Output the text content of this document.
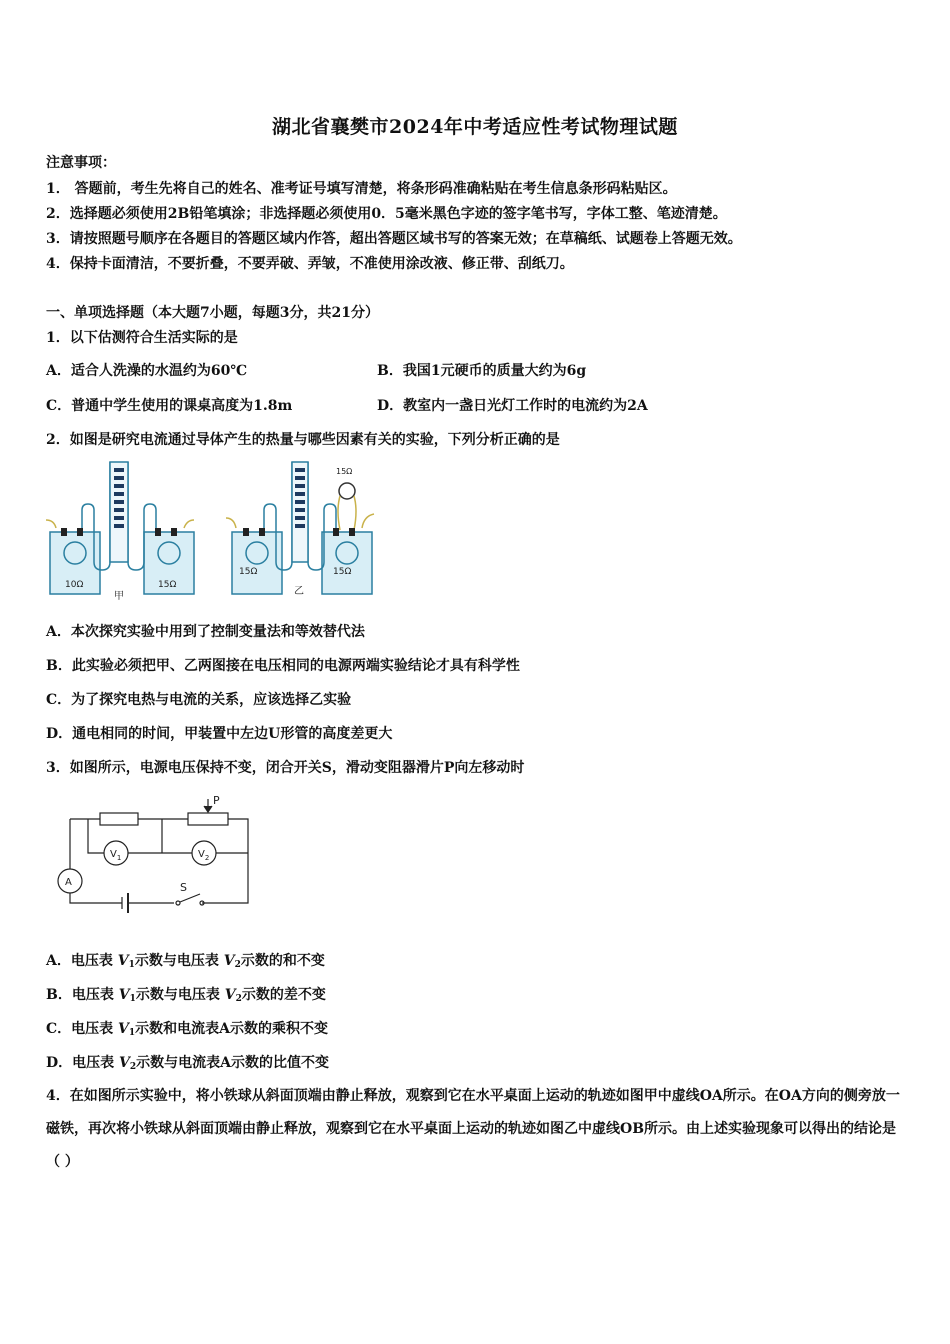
湖北省襄樊市2024年中考适应性考试物理试题
注意事项：
1． 答题前，考生先将自己的姓名、准考证号填写清楚，将条形码准确粘贴在考生信息条形码粘贴区。
2．选择题必须使用2B铅笔填涂；非选择题必须使用0．5毫米黑色字迹的签字笔书写，字体工整、笔迹清楚。
3．请按照题号顺序在各题目的答题区域内作答，超出答题区域书写的答案无效；在草稿纸、试题卷上答题无效。
4．保持卡面清洁，不要折叠，不要弄破、弄皱，不准使用涂改液、修正带、刮纸刀。
一、单项选择题（本大题7小题，每题3分，共21分）
1．以下估测符合生活实际的是
A．适合人洗澡的水温约为60℃	B．我国1元硬币的质量大约为6g
C．普通中学生使用的课桌高度为1.8m	D．教室内一盏日光灯工作时的电流约为2A
2．如图是研究电流通过导体产生的热量与哪些因素有关的实验，下列分析正确的是
10Ω	15Ω
甲
15Ω	15Ω
15Ω
乙
A．本次探究实验中用到了控制变量法和等效替代法
B．此实验必须把甲、乙两图接在电压相同的电源两端实验结论才具有科学性
C．为了探究电热与电流的关系，应该选择乙实验
D．通电相同的时间，甲装置中左边U形管的高度差更大
3．如图所示，电源电压保持不变，闭合开关S，滑动变阻器滑片P向左移动时
P
A
$V_1$	$V_2$
S
A．电压表 $V_1$示数与电压表 $V_2$示数的和不变
B．电压表 $V_1$示数与电压表 $V_2$示数的差不变
C．电压表 $V_1$示数和电流表A示数的乘积不变
D．电压表 $V_2$示数与电流表A示数的比值不变
4．在如图所示实验中，将小铁球从斜面顶端由静止释放，观察到它在水平桌面上运动的轨迹如图甲中虚线OA所示。在OA方向的侧旁放一磁铁，再次将小铁球从斜面顶端由静止释放，观察到它在水平桌面上运动的轨迹如图乙中虚线OB所示。由上述实验现象可以得出的结论是（ ）
